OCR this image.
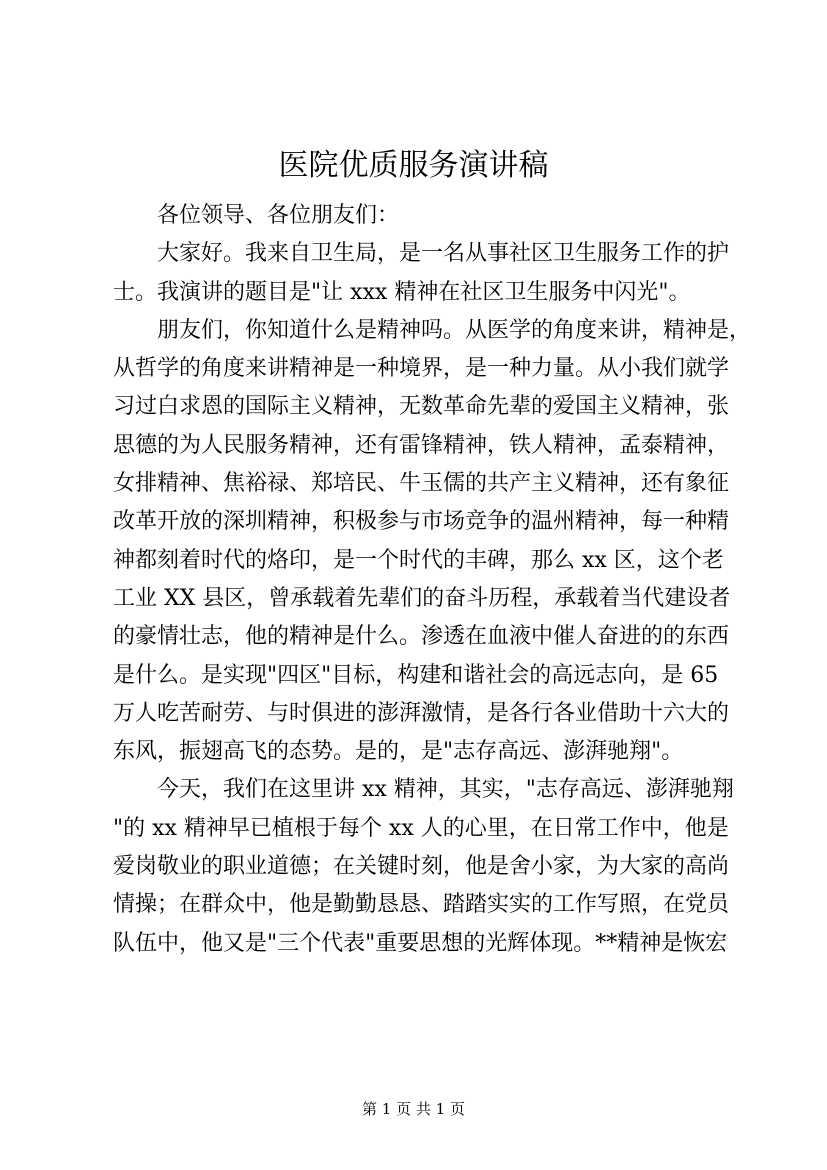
医院优质服务演讲稿

各位领导、各位朋友们：

大家好。我来自卫生局，是一名从事社区卫生服务工作的护
士。我演讲的题目是"让 xxx 精神在社区卫生服务中闪光"。

朋友们，你知道什么是精神吗。从医学的角度来讲，精神是，
从哲学的角度来讲精神是一种境界，是一种力量。从小我们就学
习过白求恩的国际主义精神，无数革命先辈的爱国主义精神，张
思德的为人民服务精神，还有雷锋精神，铁人精神，孟泰精神，
女排精神、焦裕禄、郑培民、牛玉儒的共产主义精神，还有象征
改革开放的深圳精神，积极参与市场竞争的温州精神，每一种精
神都刻着时代的烙印，是一个时代的丰碑，那么 xx 区，这个老
工业 XX 县区，曾承载着先辈们的奋斗历程，承载着当代建设者
的豪情壮志，他的精神是什么。渗透在血液中催人奋进的的东西
是什么。是实现"四区"目标，构建和谐社会的高远志向，是 65
万人吃苦耐劳、与时俱进的澎湃激情，是各行各业借助十六大的
东风，振翅高飞的态势。是的，是"志存高远、澎湃驰翔"。

今天，我们在这里讲 xx 精神，其实，"志存高远、澎湃驰翔
"的 xx 精神早已植根于每个 xx 人的心里，在日常工作中，他是
爱岗敬业的职业道德；在关键时刻，他是舍小家，为大家的高尚
情操；在群众中，他是勤勤恳恳、踏踏实实的工作写照，在党员
队伍中，他又是"三个代表"重要思想的光辉体现。**精神是恢宏

第 1 页 共 1 页
